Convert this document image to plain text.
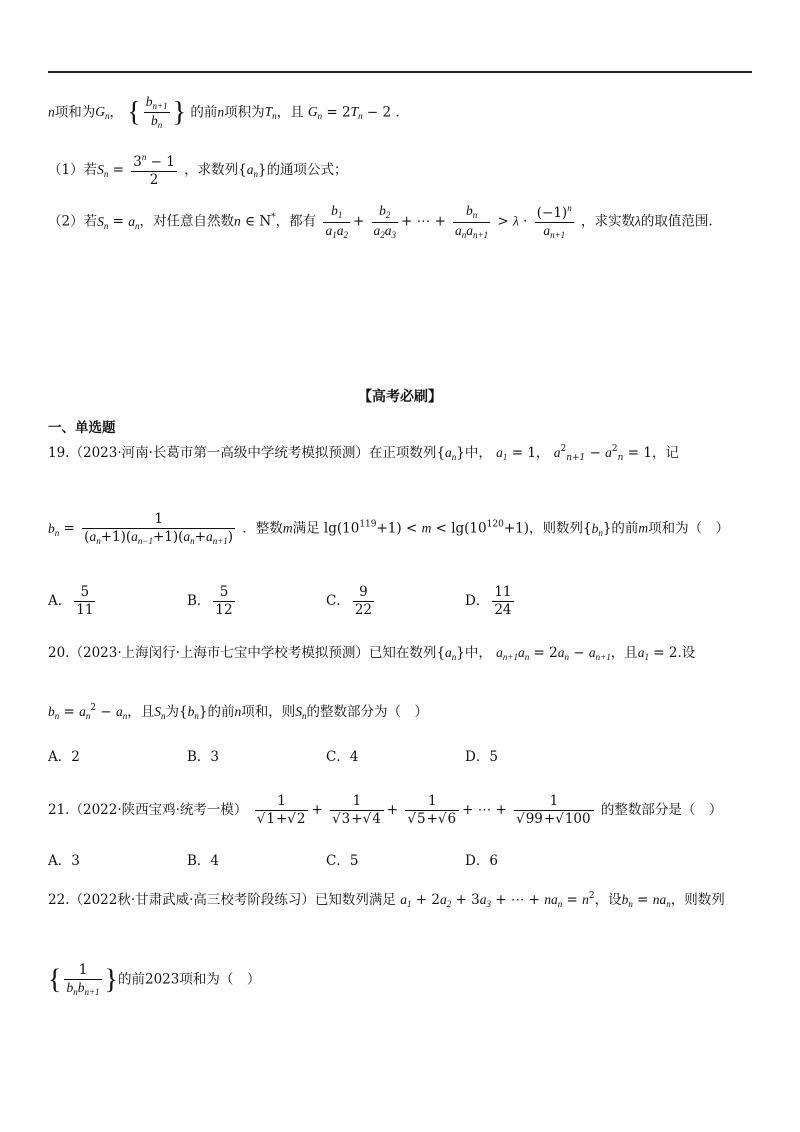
n项和为$G_n$， { $\frac{b_{n+1}}{b_n}$ } 的前n项积为$T_n$，且 $G_n = 2T_n - 2$ .
（1）若$S_n = \frac{3^n - 1}{2}$ ，求数列$\{a_n\}$的通项公式；
（2）若$S_n = a_n$，对任意自然数n ∈ N*，都有 $\frac{b_1}{a_1a_2} + \frac{b_2}{a_2a_3}$ + ⋯ + $\frac{b_n}{a_na_{n+1}} > \lambda \cdot \frac{(-1)^n}{a_{n+1}}$ ，求实数λ的取值范围.
【高考必刷】
一、单选题
19.（2023·河南·长葛市第一高级中学统考模拟预测）在正项数列$\{a_n\}$中， $a_1 = 1$， $a^2_{n+1} - a^2_n = 1$，记
$b_n = \frac{1}{(a_n+1)(a_{n-1}+1)(a_n+a_{n+1})}$ ．整数m满足 $\lg(10^{119}+1) < m < \lg(10^{120}+1)$，则数列$\{b_n\}$的前m项和为（　）
A． $\frac{5}{11}$	B． $\frac{5}{12}$	C． $\frac{9}{22}$	D． $\frac{11}{24}$
20.（2023·上海闵行·上海市七宝中学校考模拟预测）已知在数列$\{a_n\}$中， $a_{n+1}a_n = 2a_n - a_{n+1}$，且$a_1 = 2$.设
$b_n = a_n^2 - a_n$，且$S_n$为$\{b_n\}$的前n项和，则$S_n$的整数部分为（　）
A．2	B．3	C．4	D．5
21.（2022·陕西宝鸡·统考一模） $\frac{1}{√1+√2} + \frac{1}{√3+√4} + \frac{1}{√5+√6}$ + ⋯ + $\frac{1}{√99+√100}$ 的整数部分是（　）
A．3	B．4	C．5	D．6
22.（2022秋·甘肃武威·高三校考阶段练习）已知数列满足 $a_1 + 2a_2 + 3a_3$ + ⋯ + $na_n = n^2$，设$b_n = na_n$，则数列
{ $\frac{1}{b_nb_{n+1}}$ }的前2023项和为（　）
